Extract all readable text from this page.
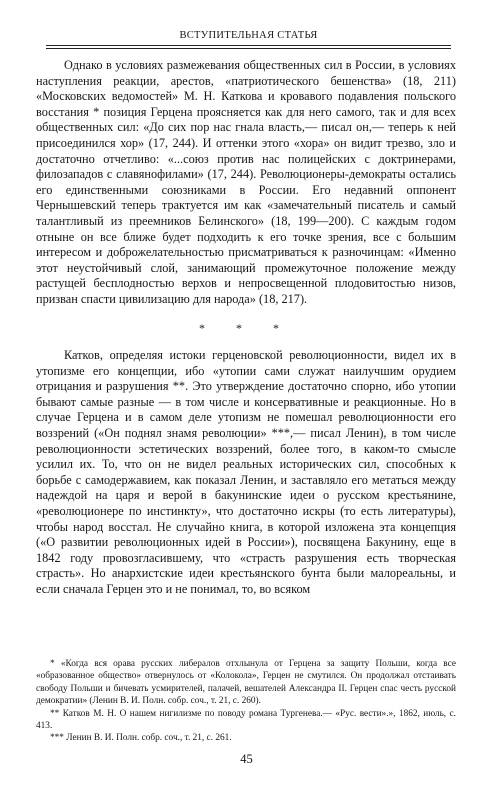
ВСТУПИТЕЛЬНАЯ СТАТЬЯ

Однако в условиях размежевания общественных сил в России, в условиях наступления реакции, арестов, «патриотического бешенства» (18, 211) «Московских ведомостей» М. Н. Каткова и кровавого подавления польского восстания * позиция Герцена проясняется как для него самого, так и для всех общественных сил: «До сих пор нас гнала власть,— писал он,— теперь к ней присоединился хор» (17, 244). И оттенки этого «хора» он видит трезво, зло и достаточно отчетливо: «...союз против нас полицейских с доктринерами, филозападов с славянофилами» (17, 244). Революционеры-демократы остались его единственными союзниками в России. Его недавний оппонент Чернышевский теперь трактуется им как «замечательный писатель и самый талантливый из преемников Белинского» (18, 199—200). С каждым годом отныне он все ближе будет подходить к его точке зрения, все с большим интересом и доброжелательностью присматриваться к разночинцам: «Именно этот неустойчивый слой, занимающий промежуточное положение между растущей бесплодностью верхов и непросвещенной плодовитостью низов, призван спасти цивилизацию для народа» (18, 217).

* * *

Катков, определяя истоки герценовской революционности, видел их в утопизме его концепции, ибо «утопии сами служат наилучшим орудием отрицания и разрушения **. Это утверждение достаточно спорно, ибо утопии бывают самые разные — в том числе и консервативные и реакционные. Но в случае Герцена и в самом деле утопизм не помешал революционности его воззрений («Он поднял знамя революции» ***,— писал Ленин), в том числе революционности эстетических воззрений, более того, в каком-то смысле усилил их. То, что он не видел реальных исторических сил, способных к борьбе с самодержавием, как показал Ленин, и заставляло его метаться между надеждой на царя и верой в бакунинские идеи о русском крестьянине, «революционере по инстинкту», что достаточно искры (то есть литературы), чтобы народ восстал. Не случайно книга, в которой изложена эта концепция («О развитии революционных идей в России»), посвящена Бакунину, еще в 1842 году провозгласившему, что «страсть разрушения есть творческая страсть». Но анархистские идеи крестьянского бунта были малореальны, и если сначала Герцен это и не понимал, то, во всяком

* «Когда вся орава русских либералов отхлынула от Герцена за защиту Польши, когда все «образованное общество» отвернулось от «Колокола», Герцен не смутился. Он продолжал отстаивать свободу Польши и бичевать усмирителей, палачей, вешателей Александра II. Герцен спас честь русской демократии» (Ленин В. И. Полн. собр. соч., т. 21, с. 260).

** Катков М. Н. О нашем нигилизме по поводу романа Тургенева.— «Рус. вести».», 1862, июль, с. 413.

*** Ленин В. И. Полн. собр. соч., т. 21, с. 261.

45
